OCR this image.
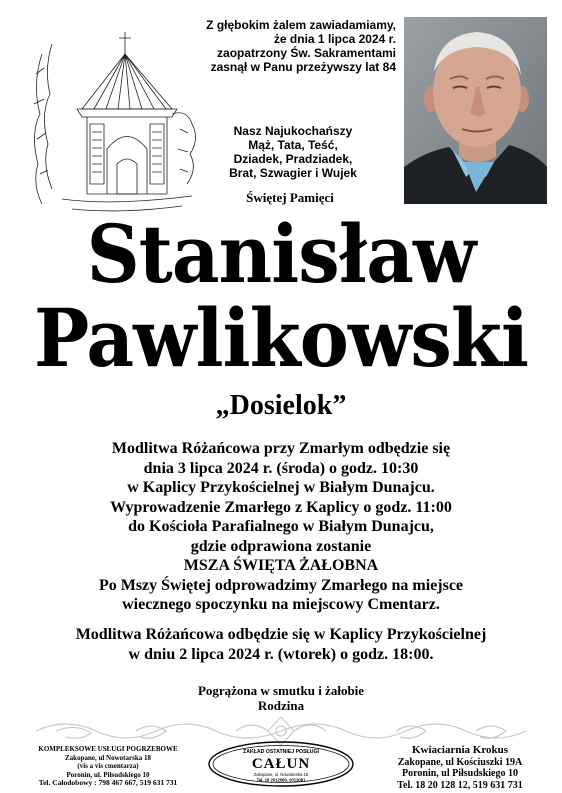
Z głębokim żalem zawiadamiamy,
że dnia 1 lipca 2024 r.
zaopatrzony Św. Sakramentami
zasnął w Panu przeżywszy lat 84
Nasz Najukochańszy
Mąż, Tata, Teść,
Dziadek, Pradziadek,
Brat, Szwagier i Wujek
Świętej Pamięci
Stanisław
Pawlikowski
„Dosielok”
Modlitwa Różańcowa przy Zmarłym odbędzie się
dnia 3 lipca 2024 r. (środa) o godz. 10:30
w Kaplicy Przykościelnej w Białym Dunajcu.
Wyprowadzenie Zmarłego z Kaplicy o godz. 11:00
do Kościoła Parafialnego w Białym Dunajcu,
gdzie odprawiona zostanie
MSZA ŚWIĘTA ŻAŁOBNA
Po Mszy Świętej odprowadzimy Zmarłego na miejsce
wiecznego spoczynku na miejscowy Cmentarz.
Modlitwa Różańcowa odbędzie się w Kaplicy Przykościelnej
w dniu 2 lipca 2024 r. (wtorek) o godz. 18:00.
Pogrążona w smutku i żałobie
Rodzina
KOMPLEKSOWE USŁUGI POGRZEBOWE
Zakopane, ul Nowotarska 18
(vis a vis cmentarza)
Poronin, ul. Piłsudskiego 10
Tel. Całodobowy : 798 467 667, 519 631 731
ZAKŁAD OSTATNIEJ POSŁUGI
CAŁUN
Zakopane, ul. Nowotarska 18
Tel. 18 2012080, 2012081
Kwiaciarnia Krokus
Zakopane, ul Kościuszki 19A
Poronin, ul Piłsudskiego 10
Tel. 18 20 128 12, 519 631 731
